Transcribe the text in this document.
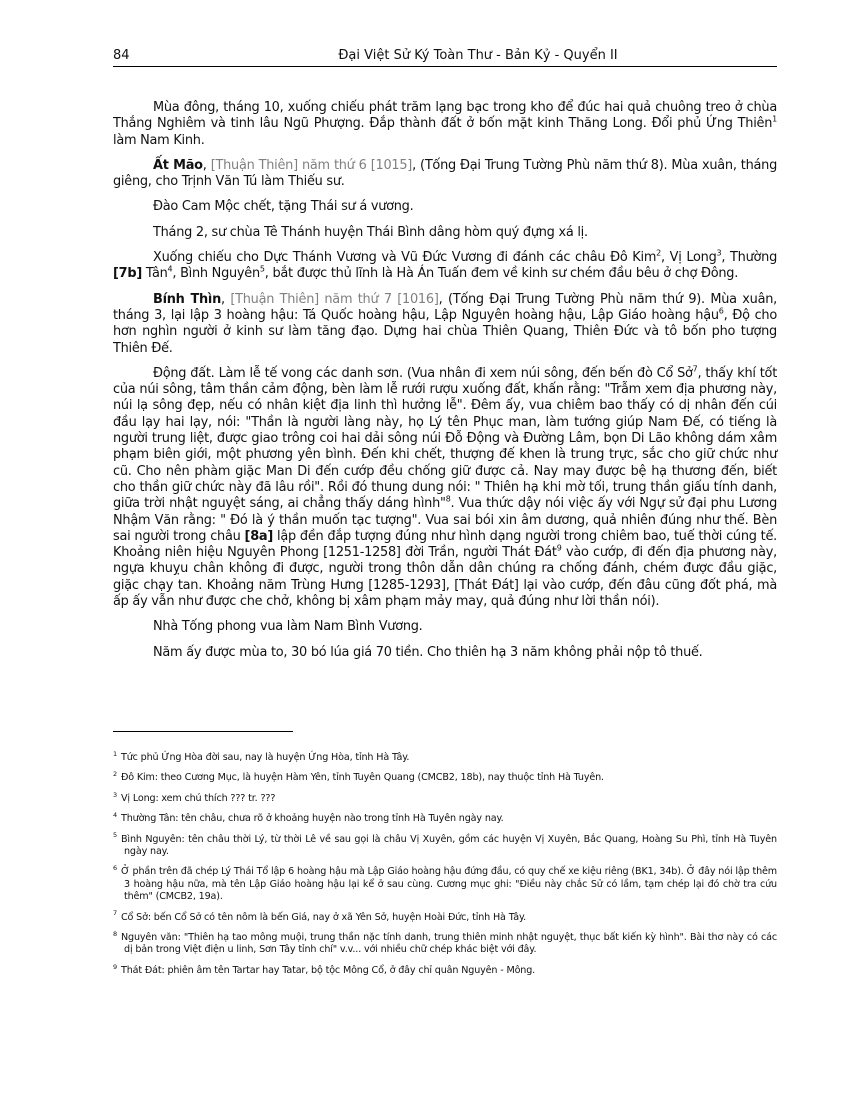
84	Đại Việt Sử Ký Toàn Thư - Bản Kỷ - Quyển II

Mùa đông, tháng 10, xuống chiếu phát trăm lạng bạc trong kho để đúc hai quả chuông treo ở chùa Thắng Nghiêm và tinh lâu Ngũ Phượng. Đắp thành đất ở bốn mặt kinh Thăng Long. Đổi phủ Ứng Thiên$^1$ làm Nam Kinh.

Ất Mão, [Thuận Thiên] năm thứ 6 [1015], (Tống Đại Trung Tường Phù năm thứ 8). Mùa xuân, tháng giêng, cho Trịnh Văn Tú làm Thiếu sư.

Đào Cam Mộc chết, tặng Thái sư á vương.

Tháng 2, sư chùa Tê Thánh huyện Thái Bình dâng hòm quý đựng xá lị.

Xuống chiếu cho Dực Thánh Vương và Vũ Đức Vương đi đánh các châu Đô Kim$^2$, Vị Long$^3$, Thường [7b] Tân$^4$, Bình Nguyên$^5$, bắt được thủ lĩnh là Hà Án Tuấn đem về kinh sư chém đầu bêu ở chợ Đông.

Bính Thìn, [Thuận Thiên] năm thứ 7 [1016], (Tống Đại Trung Tường Phù năm thứ 9). Mùa xuân, tháng 3, lại lập 3 hoàng hậu: Tá Quốc hoàng hậu, Lập Nguyên hoàng hậu, Lập Giáo hoàng hậu$^6$, Độ cho hơn nghìn người ở kinh sư làm tăng đạo. Dựng hai chùa Thiên Quang, Thiên Đức và tô bốn pho tượng Thiên Đế.

Động đất. Làm lễ tế vong các danh sơn. (Vua nhân đi xem núi sông, đến bến đò Cổ Sở$^7$, thấy khí tốt của núi sông, tâm thần cảm động, bèn làm lễ rưới rượu xuống đất, khấn rằng: "Trẫm xem địa phương này, núi lạ sông đẹp, nếu có nhân kiệt địa linh thì hưởng lễ". Đêm ấy, vua chiêm bao thấy có dị nhân đến cúi đầu lạy hai lạy, nói: "Thần là người làng này, họ Lý tên Phục man, làm tướng giúp Nam Đế, có tiếng là người trung liệt, được giao trông coi hai dải sông núi Đỗ Động và Đường Lâm, bọn Di Lão không dám xâm phạm biên giới, một phương yên bình. Đến khi chết, thượng đế khen là trung trực, sắc cho giữ chức như cũ. Cho nên phàm giặc Man Di đến cướp đều chống giữ được cả. Nay may được bệ hạ thương đến, biết cho thần giữ chức này đã lâu rồi". Rồi đó thung dung nói: " Thiên hạ khi mờ tối, trung thần giấu tính danh, giữa trời nhật nguyệt sáng, ai chẳng thấy dáng hình"$^8$. Vua thức dậy nói việc ấy với Ngự sử đại phu Lương Nhậm Văn rằng: " Đó là ý thần muốn tạc tượng". Vua sai bói xin âm dương, quả nhiên đúng như thế. Bèn sai người trong châu [8a] lập đền đắp tượng đúng như hình dạng người trong chiêm bao, tuế thời cúng tế. Khoảng niên hiệu Nguyên Phong [1251-1258] đời Trần, người Thát Đát$^9$ vào cướp, đi đến địa phương này, ngựa khuỵu chân không đi được, người trong thôn dẫn dân chúng ra chống đánh, chém được đầu giặc, giặc chạy tan. Khoảng năm Trùng Hưng [1285-1293], [Thát Đát] lại vào cướp, đến đâu cũng đốt phá, mà ấp ấy vẫn như được che chở, không bị xâm phạm mảy may, quả đúng như lời thần nói).

Nhà Tống phong vua làm Nam Bình Vương.

Năm ấy được mùa to, 30 bó lúa giá 70 tiền. Cho thiên hạ 3 năm không phải nộp tô thuế.

$^1$ Tức phủ Ứng Hòa đời sau, nay là huyện Ứng Hòa, tỉnh Hà Tây.
$^2$ Đô Kim: theo Cương Mục, là huyện Hàm Yên, tỉnh Tuyên Quang (CMCB2, 18b), nay thuộc tỉnh Hà Tuyên.
$^3$ Vị Long: xem chú thích ??? tr. ???
$^4$ Thường Tân: tên châu, chưa rõ ở khoảng huyện nào trong tỉnh Hà Tuyên ngày nay.
$^5$ Bình Nguyên: tên châu thời Lý, từ thời Lê về sau gọi là châu Vị Xuyên, gồm các huyện Vị Xuyên, Bắc Quang, Hoàng Su Phì, tỉnh Hà Tuyên ngày nay.
$^6$ Ở phần trên đã chép Lý Thái Tổ lập 6 hoàng hậu mà Lập Giáo hoàng hậu đứng đầu, có quy chế xe kiệu riêng (BK1, 34b). Ở đây nói lập thêm 3 hoàng hậu nữa, mà tên Lập Giáo hoàng hậu lại kể ở sau cùng. Cương mục ghi: "Điều này chắc Sử có lầm, tạm chép lại đó chờ tra cứu thêm" (CMCB2, 19a).
$^7$ Cổ Sở: bến Cổ Sở có tên nôm là bến Giá, nay ở xã Yên Sở, huyện Hoài Đức, tỉnh Hà Tây.
$^8$ Nguyên văn: "Thiên hạ tao mông muội, trung thần nặc tính danh, trung thiên minh nhật nguyệt, thục bất kiến kỳ hình". Bài thơ này có các dị bản trong Việt điện u linh, Sơn Tây tỉnh chí" v.v... với nhiều chữ chép khác biệt với đây.
$^9$ Thát Đát: phiên âm tên Tartar hay Tatar, bộ tộc Mông Cổ, ở đây chỉ quân Nguyên - Mông.
